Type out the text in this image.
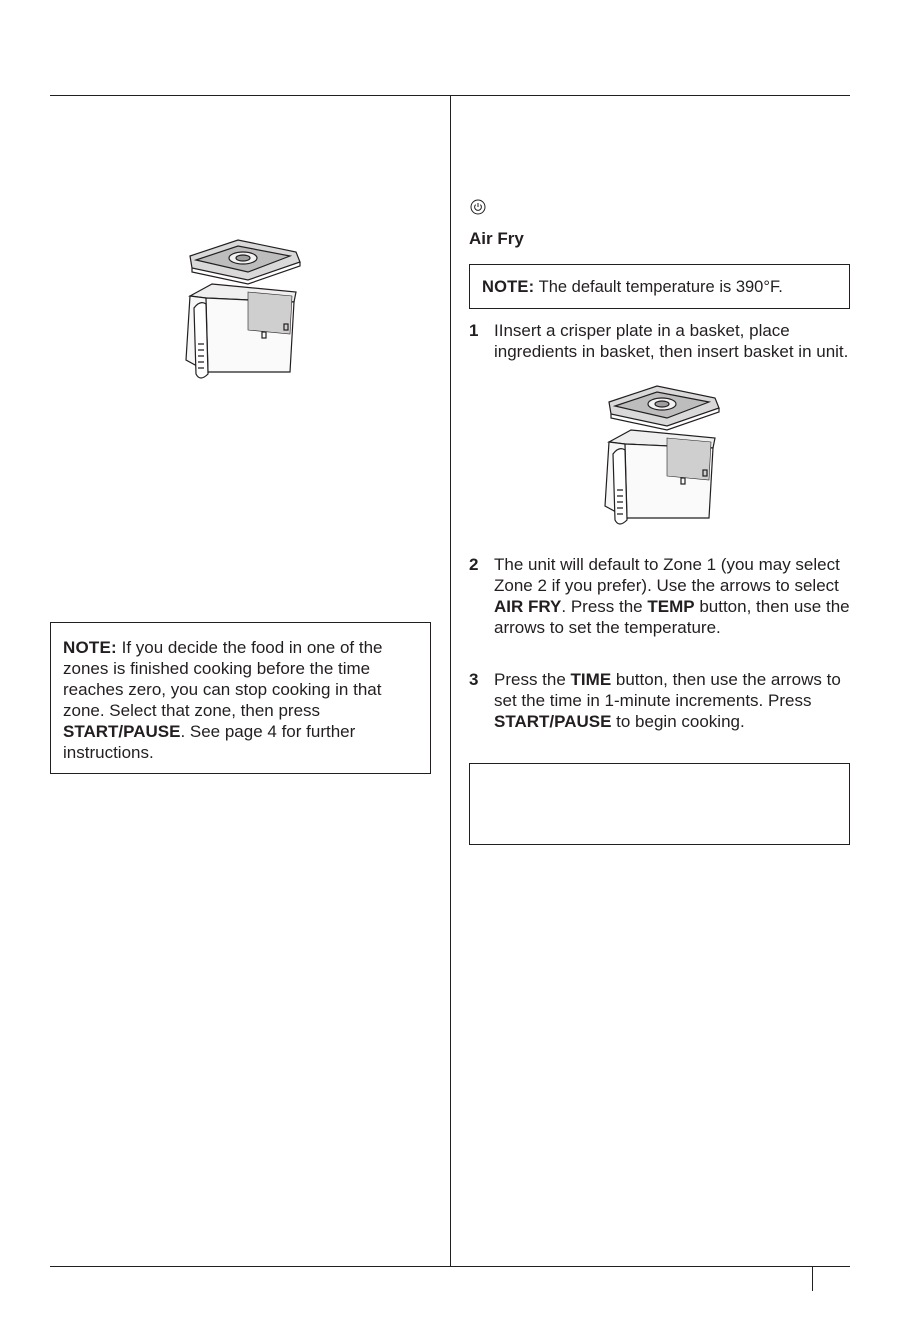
NOTE: If you decide the food in one of the zones is finished cooking before the time reaches zero, you can stop cooking in that zone. Select that zone, then press START/PAUSE. See page 4 for further instructions.
Air Fry
NOTE: The default temperature is 390°F.
1 IInsert a crisper plate in a basket, place ingredients in basket, then insert basket in unit.
2 The unit will default to Zone 1 (you may select Zone 2 if you prefer). Use the arrows to select AIR FRY. Press the TEMP button, then use the arrows to set the temperature.
3 Press the TIME button, then use the arrows to set the time in 1-minute increments. Press START/PAUSE to begin cooking.
